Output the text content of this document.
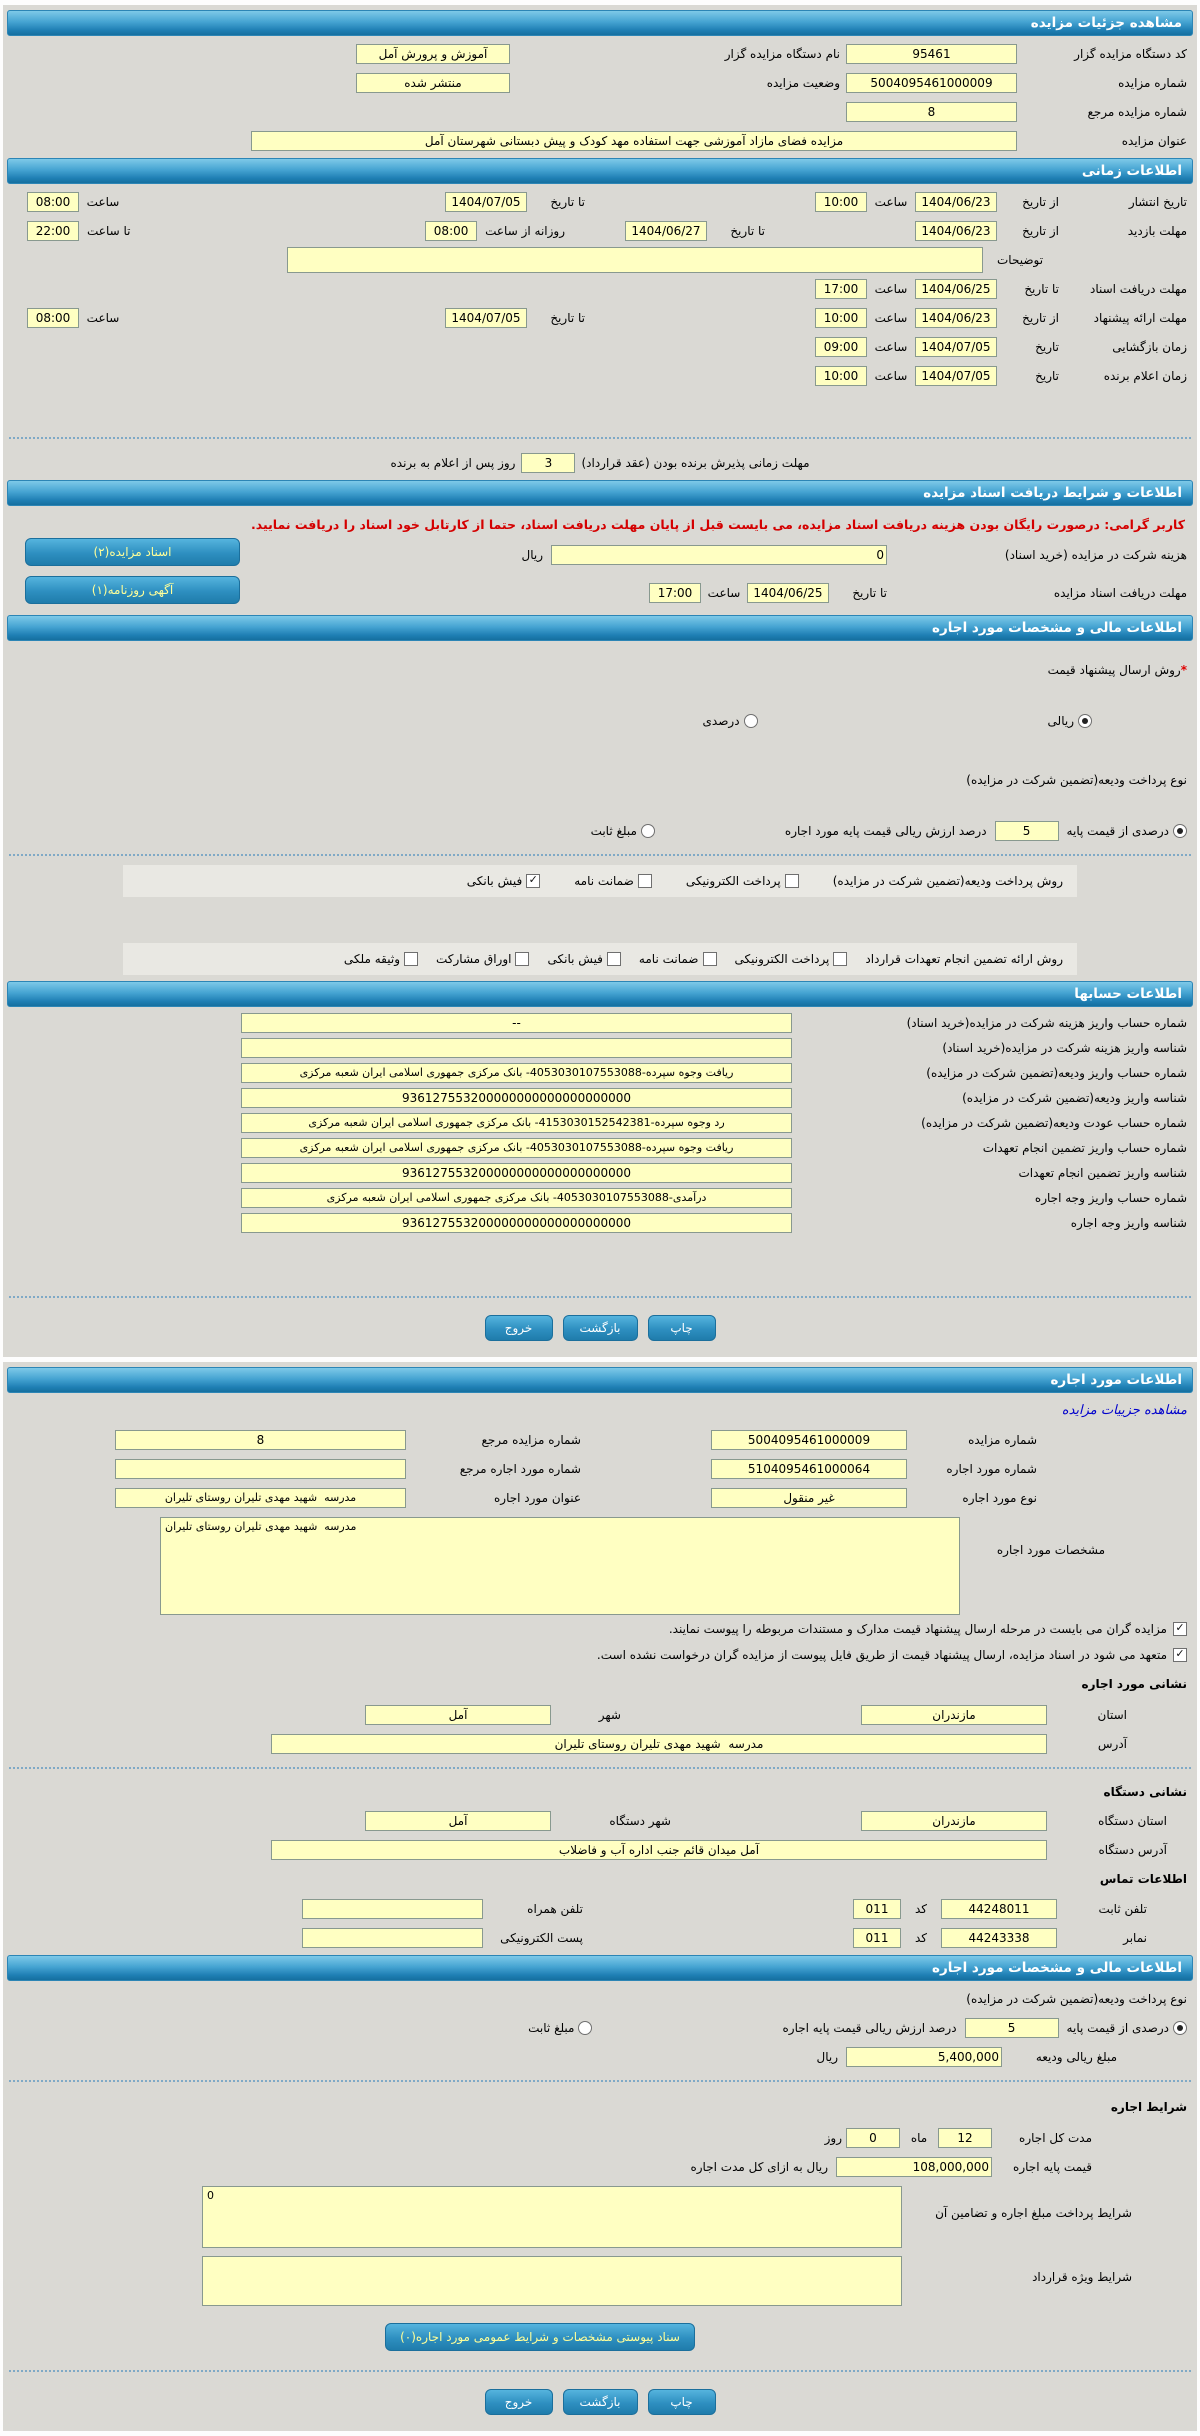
مشاهده جزئیات مزایده
کد دستگاه مزایده گزار
95461
نام دستگاه مزایده گزار
آموزش و پرورش آمل
شماره مزایده
5004095461000009
وضعیت مزایده
منتشر شده
شماره مزایده مرجع
8
عنوان مزایده
مزایده فضای مازاد آموزشی جهت استفاده مهد کودک و پیش دبستانی شهرستان آمل
اطلاعات زمانی
تاریخ انتشار
از تاریخ
1404/06/23
ساعت
10:00
تا تاریخ
1404/07/05
ساعت
08:00
مهلت بازدید
از تاریخ
1404/06/23
تا تاریخ
1404/06/27
روزانه از ساعت
08:00
تا ساعت
22:00
توضیحات
مهلت دریافت اسناد
تا تاریخ
1404/06/25
ساعت
17:00
مهلت ارائه پیشنهاد
از تاریخ
1404/06/23
ساعت
10:00
تا تاریخ
1404/07/05
ساعت
08:00
زمان بازگشایی
تاریخ
1404/07/05
ساعت
09:00
زمان اعلام برنده
تاریخ
1404/07/05
ساعت
10:00
مهلت زمانی پذیرش برنده بودن (عقد قرارداد)
3
روز پس از اعلام به برنده
اطلاعات و شرایط دریافت اسناد مزایده
کاربر گرامی: درصورت رایگان بودن هزینه دریافت اسناد مزایده، می بایست قبل از پایان مهلت دریافت اسناد، حتما از کارتابل خود اسناد را دریافت نمایید.
هزینه شرکت در مزایده (خرید اسناد)
0
ریال
اسناد مزایده(۲)
مهلت دریافت اسناد مزایده
تا تاریخ
1404/06/25
ساعت
17:00
آگهی روزنامه(۱)
اطلاعات مالی و مشخصات مورد اجاره
*
روش ارسال پیشنهاد قیمت
ریالی
درصدی
نوع پرداخت ودیعه(تضمین شرکت در مزایده)
درصدی از قیمت پایه
5
درصد ارزش ریالی قیمت پایه مورد اجاره
مبلغ ثابت
روش پرداخت ودیعه(تضمین شرکت در مزایده)
پرداخت الکترونیکی
ضمانت نامه
✓
فیش بانکی
روش ارائه تضمین انجام تعهدات قرارداد
پرداخت الکترونیکی
ضمانت نامه
فیش بانکی
اوراق مشارکت
وثیقه ملکی
اطلاعات حسابها
شماره حساب واریز هزینه شرکت در مزایده(خرید اسناد)
--
شناسه واریز هزینه شرکت در مزایده(خرید اسناد)
شماره حساب واریز ودیعه(تضمین شرکت در مزایده)
ریافت وجوه سپرده-4053030107553088- بانک مرکزی جمهوری اسلامی ایران شعبه مرکزی
شناسه واریز ودیعه(تضمین شرکت در مزایده)
936127553200000000000000000000
شماره حساب عودت ودیعه(تضمین شرکت در مزایده)
رد وجوه سپرده-4153030152542381- بانک مرکزی جمهوری اسلامی ایران شعبه مرکزی
شماره حساب واریز تضمین انجام تعهدات
ریافت وجوه سپرده-4053030107553088- بانک مرکزی جمهوری اسلامی ایران شعبه مرکزی
شناسه واریز تضمین انجام تعهدات
936127553200000000000000000000
شماره حساب واریز وجه اجاره
درآمدی-4053030107553088- بانک مرکزی جمهوری اسلامی ایران شعبه مرکزی
شناسه واریز وجه اجاره
936127553200000000000000000000
چاپ
بازگشت
خروج
اطلاعات مورد اجاره
مشاهده جزییات مزایده
شماره مزایده
5004095461000009
شماره مزایده مرجع
8
شماره مورد اجاره
5104095461000064
شماره مورد اجاره مرجع
نوع مورد اجاره
غیر منقول
عنوان مورد اجاره
مدرسه شهید مهدی تلیران روستای تلیران
مشخصات مورد اجاره
مدرسه شهید مهدی تلیران روستای تلیران
✓
مزایده گران می بایست در مرحله ارسال پیشنهاد قیمت مدارک و مستندات مربوطه را پیوست نمایند.
✓
متعهد می شود در اسناد مزایده، ارسال پیشنهاد قیمت از طریق فایل پیوست از مزایده گران درخواست نشده است.
نشانی مورد اجاره
استان
مازندران
شهر
آمل
آدرس
مدرسه شهید مهدی تلیران روستای تلیران
نشانی دستگاه
استان دستگاه
مازندران
شهر دستگاه
آمل
آدرس دستگاه
آمل میدان قائم جنب اداره آب و فاضلاب
اطلاعات تماس
تلفن ثابت
44248011
کد
011
تلفن همراه
نمابر
44243338
کد
011
پست الکترونیکی
اطلاعات مالی و مشخصات مورد اجاره
نوع پرداخت ودیعه(تضمین شرکت در مزایده)
درصدی از قیمت پایه
5
درصد ارزش ریالی قیمت پایه اجاره
مبلغ ثابت
مبلغ ریالی ودیعه
5,400,000
ریال
شرایط اجاره
مدت کل اجاره
12
ماه
0
روز
قیمت پایه اجاره
108,000,000
ریال به ازای کل مدت اجاره
شرایط پرداخت مبلغ اجاره و تضامین آن
0
شرایط ویژه قرارداد
سناد پیوستی مشخصات و شرایط عمومی مورد اجاره(۰)
چاپ
بازگشت
خروج
